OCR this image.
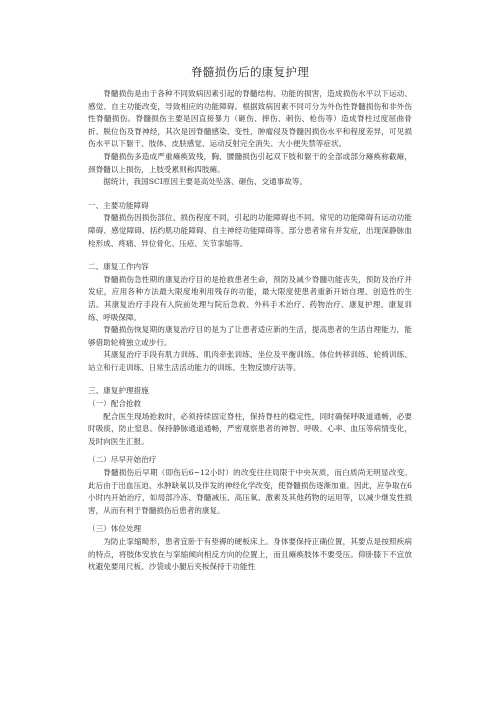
脊髓损伤后的康复护理

脊髓损伤是由于各种不同致病因素引起的脊髓结构、功能的损害，造成损伤水平以下运动、感觉、自主功能改变，导致相应的功能障碍。根据致病因素不同可分为外伤性脊髓损伤和非外伤性脊髓损伤。脊髓损伤主要是因直接暴力（砸伤、摔伤、刺伤、枪伤等）造成脊柱过度屈曲骨折、脱位伤及脊神经，其次是因脊髓感染、变性、肿瘤侵及脊髓因损伤水平和程度差异，可见损伤水平以下躯干、肢体、皮肤感觉、运动反射完全消失、大小便失禁等症状。

脊髓损伤多造成严重瘫痪致残，胸、腰髓损伤引起双下肢和躯干的全部或部分瘫痪称截瘫，颈脊髓以上损伤，上肢受累则称四肢瘫。

据统计，我国SCI原因主要是高处坠落、砸伤、交通事故等。

一、主要功能障碍

脊髓损伤因损伤部位、损伤程度不同，引起的功能障碍也不同。常见的功能障碍有运动功能障碍、感觉障碍、括约肌功能障碍、自主神经功能障碍等。部分患者常有并发症，出现深静脉血栓形成、疼痛、异位骨化、压疮、关节挛缩等。

二、康复工作内容

脊髓损伤急性期的康复治疗目的是抢救患者生命，预防及减少脊髓功能丧失，预防及治疗并发症，应用各种方法最大限度地利用残存的功能，最大限度使患者重新开始自理、创造性的生活。其康复治疗手段有入院前处理与院后急救、外科手术治疗、药物治疗、康复护理、康复训练、呼吸保障。

脊髓损伤恢复期的康复治疗目的是为了让患者适应新的生活，提高患者的生活自理能力，能够借助轮椅独立或步行。

其康复治疗手段有肌力训练、肌肉牵张训练、坐位及平衡训练、体位转移训练、轮椅训练、站立和行走训练、日常生活活动能力的训练、生物反馈疗法等。

三、康复护理措施

（一）配合抢救

配合医生现场抢救时，必须持续固定脊柱，保持脊柱的稳定性，同时确保呼吸道通畅，必要时吸痰，防止窒息。保持静脉通道通畅，严密观察患者的神智、呼吸、心率、血压等病情变化，及时向医生汇报。

（二）尽早开始治疗

脊髓损伤后早期（即伤后6~12小时）的改变往往局限于中央灰质，而白质尚无明显改变。此后由于出血压迫、水肿缺氧以及伴发的神经化学改变，使脊髓损伤逐渐加重。因此，应争取在6小时内开始治疗，如局部冷冻、脊髓减压、高压氧、激素及其他药物的运用等，以减少继发性损害，从而有利于脊髓损伤后患者的康复。

（三）体位处理

为防止挛缩畸形，患者宜卧于有垫褥的硬板床上。身体要保持正确位置，其要点是按照疾病的特点，将肢体安放在与挛缩倾向相反方向的位置上，而且瘫痪肢体不要受压。仰卧膝下不宜放枕避免要用尺板、沙袋或小腿后夹板保持于功能性
